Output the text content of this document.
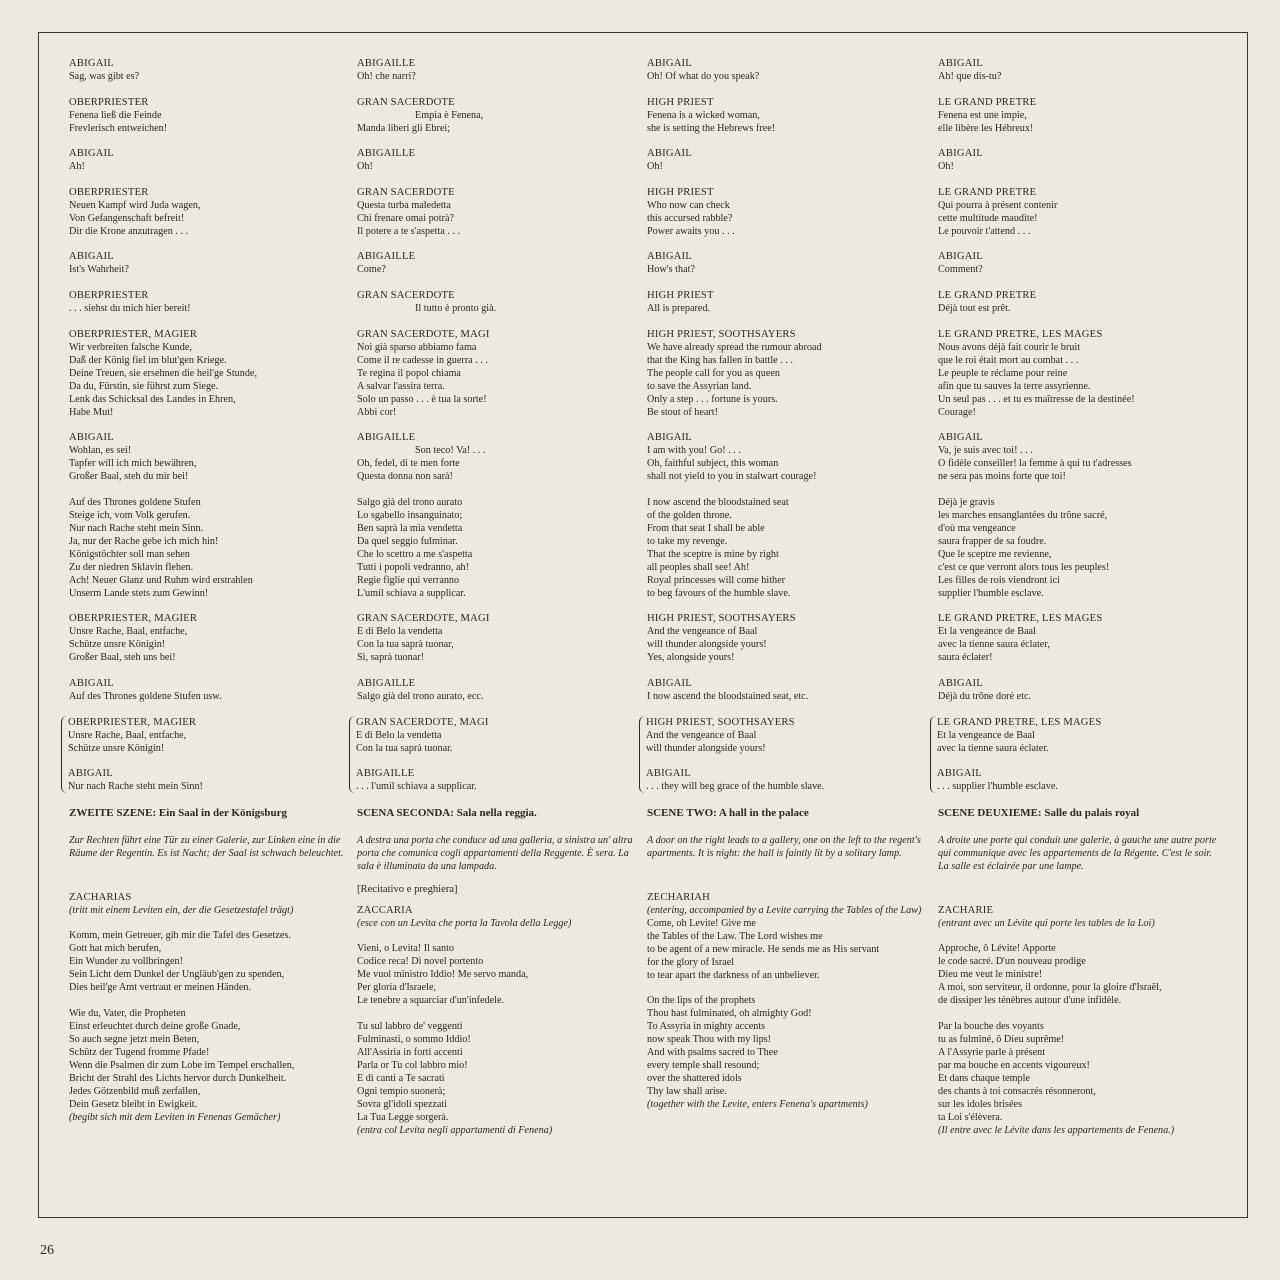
ABIGAIL
Sag, was gibt es?
OBERPRIESTER
Fenena ließ die Feinde
Frevlerisch entweichen!
ABIGAIL
Ah!
OBERPRIESTER
Neuen Kampf wird Juda wagen,
Von Gefangenschaft befreit!
Dir die Krone anzutragen . . .
ABIGAIL
Ist's Wahrheit?
OBERPRIESTER
. . . siehst du mich hier bereit!
OBERPRIESTER, MAGIER
Wir verbreiten falsche Kunde,
Daß der König fiel im blut'gen Kriege.
Deine Treuen, sie ersehnen die heil'ge Stunde,
Da du, Fürstin, sie führst zum Siege.
Lenk das Schicksal des Landes in Ehren,
Habe Mut!
ABIGAIL
Wohlan, es sei!
Tapfer will ich mich bewähren,
Großer Baal, steh du mir bei!
Auf des Thrones goldene Stufen
Steige ich, vom Volk gerufen.
Nur nach Rache steht mein Sinn.
Ja, nur der Rache gebe ich mich hin!
Königstöchter soll man sehen
Zu der niedren Sklavin flehen.
Ach! Neuer Glanz und Ruhm wird erstrahlen
Unserm Lande stets zum Gewinn!
OBERPRIESTER, MAGIER
Unsre Rache, Baal, entfache,
Schütze unsre Königin!
Großer Baal, steh uns bei!
ABIGAIL
Auf des Thrones goldene Stufen usw.
OBERPRIESTER, MAGIER
Unsre Rache, Baal, entfache,
Schütze unsre Königin!
ABIGAIL
Nur nach Rache steht mein Sinn!
ZWEITE SZENE: Ein Saal in der Königsburg
Zur Rechten führt eine Tür zu einer Galerie, zur Linken eine in die Räume der Regentin. Es ist Nacht; der Saal ist schwach beleuchtet.

ZACHARIAS
(tritt mit einem Leviten ein, der die Gesetzestafel trägt)
Komm, mein Getreuer, gib mir die Tafel des Gesetzes.
Gott hat mich berufen,
Ein Wunder zu vollbringen!
Sein Licht dem Dunkel der Ungläub'gen zu spenden,
Dies heil'ge Amt vertraut er meinen Händen.
Wie du, Vater, die Propheten
Einst erleuchtet durch deine große Gnade,
So auch segne jetzt mein Beten,
Schütz der Tugend fromme Pfade!
Wenn die Psalmen dir zum Lobe im Tempel erschallen,
Bricht der Strahl des Lichts hervor durch Dunkelheit.
Jedes Götzenbild muß zerfallen,
Dein Gesetz bleibt in Ewigkeit.
(begibt sich mit dem Leviten in Fenenas Gemächer)
ABIGAILLE
Oh! che narri?
GRAN SACERDOTE
Empia è Fenena,
Manda liberi gli Ebrei;
ABIGAILLE
Oh!
GRAN SACERDOTE
Questa turba maledetta
Chi frenare omai potrà?
Il potere a te s'aspetta . . .
ABIGAILLE
Come?
GRAN SACERDOTE
Il tutto è pronto già.
GRAN SACERDOTE, MAGI
Noi già sparso abbiamo fama
Come il re cadesse in guerra . . .
Te regina il popol chiama
A salvar l'assira terra.
Solo un passo . . . è tua la sorte!
Abbi cor!
ABIGAILLE
Son teco! Va! . . .
Oh, fedel, di te men forte
Questa donna non sarà!
Salgo già del trono aurato
Lo sgabello insanguinato;
Ben saprà la mia vendetta
Da quel seggio fulminar.
Che lo scettro a me s'aspetta
Tutti i popoli vedranno, ah!
Regie figlie qui verranno
L'umil schiava a supplicar.
GRAN SACERDOTE, MAGI
E di Belo la vendetta
Con la tua saprà tuonar,
Sì, saprà tuonar!
ABIGAILLE
Salgo già del trono aurato, ecc.
GRAN SACERDOTE, MAGI
E di Belo la vendetta
Con la tua saprà tuonar.
ABIGAILLE
. . . l'umil schiava a supplicar.
SCENA SECONDA: Sala nella reggia.
A destra una porta che conduce ad una galleria, a sinistra un' altra porta che comunica cogli appartamenti della Reggente. È sera. La sala è illuminata da una lampada.
[Recitativo e preghiera]
ZACCARIA
(esce con un Levita che porta la Tavola della Legge)
Vieni, o Levita! Il santo
Codice reca! Di novel portento
Me vuol ministro Iddio! Me servo manda,
Per gloria d'Israele,
Le tenebre a squarciar d'un'infedele.
Tu sul labbro de' veggenti
Fulminasti, o sommo Iddio!
All'Assiria in forti accenti
Parla or Tu col labbro mio!
E di canti a Te sacrati
Ogni tempio suonerà;
Sovra gl'idoli spezzati
La Tua Legge sorgerà.
(entra col Levita negli appartamenti di Fenena)
ABIGAIL
Oh! Of what do you speak?
HIGH PRIEST
Fenena is a wicked woman,
she is setting the Hebrews free!
ABIGAIL
Oh!
HIGH PRIEST
Who now can check
this accursed rabble?
Power awaits you . . .
ABIGAIL
How's that?
HIGH PRIEST
All is prepared.
HIGH PRIEST, SOOTHSAYERS
We have already spread the rumour abroad
that the King has fallen in battle . . .
The people call for you as queen
to save the Assyrian land.
Only a step . . . fortune is yours.
Be stout of heart!
ABIGAIL
I am with you! Go! . . .
Oh, faithful subject, this woman
shall not yield to you in stalwart courage!
I now ascend the bloodstained seat
of the golden throne.
From that seat I shall be able
to take my revenge.
That the sceptre is mine by right
all peoples shall see! Ah!
Royal princesses will come hither
to beg favours of the humble slave.
HIGH PRIEST, SOOTHSAYERS
And the vengeance of Baal
will thunder alongside yours!
Yes, alongside yours!
ABIGAIL
I now ascend the bloodstained seat, etc.
HIGH PRIEST, SOOTHSAYERS
And the vengeance of Baal
will thunder alongside yours!
ABIGAIL
. . . they will beg grace of the humble slave.
SCENE TWO: A hall in the palace
A door on the right leads to a gallery, one on the left to the regent's apartments. It is night: the hall is faintly lit by a solitary lamp.

ZECHARIAH
(entering, accompanied by a Levite carrying the Tables of the Law)
Come, oh Levite! Give me
the Tables of the Law. The Lord wishes me
to be agent of a new miracle. He sends me as His servant
for the glory of Israel
to tear apart the darkness of an unbeliever.
On the lips of the prophets
Thou hast fulminated, oh almighty God!
To Assyria in mighty accents
now speak Thou with my lips!
And with psalms sacred to Thee
every temple shall resound;
over the shattered idols
Thy law shall arise.
(together with the Levite, enters Fenena's apartments)
ABIGAIL
Ah! que dis-tu?
LE GRAND PRETRE
Fenena est une impie,
elle libère les Hébreux!
ABIGAIL
Oh!
LE GRAND PRETRE
Qui pourra à présent contenir
cette multitude maudite!
Le pouvoir t'attend . . .
ABIGAIL
Comment?
LE GRAND PRETRE
Déjà tout est prêt.
LE GRAND PRETRE, LES MAGES
Nous avons déjà fait courir le bruit
que le roi était mort au combat . . .
Le peuple te réclame pour reine
afin que tu sauves la terre assyrienne.
Un seul pas . . . et tu es maîtresse de la destinée!
Courage!
ABIGAIL
Va, je suis avec toi! . . .
O fidèle conseiller! la femme à qui tu t'adresses
ne sera pas moins forte que toi!
Déjà je gravis
les marches ensanglantées du trône sacré,
d'où ma vengeance
saura frapper de sa foudre.
Que le sceptre me revienne,
c'est ce que verront alors tous les peuples!
Les filles de rois viendront ici
supplier l'humble esclave.
LE GRAND PRETRE, LES MAGES
Et la vengeance de Baal
avec la tienne saura éclater,
saura éclater!
ABIGAIL
Déjà du trône doré etc.
LE GRAND PRETRE, LES MAGES
Et la vengeance de Baal
avec la tienne saura éclater.
ABIGAIL
. . . supplier l'humble esclave.
SCENE DEUXIEME: Salle du palais royal
A droite une porte qui conduit une galerie, à gauche une autre porte qui communique avec les appartements de la Régente. C'est le soir. La salle est éclairée par une lampe.

ZACHARIE
(entrant avec un Lévite qui porte les tables de la Loi)
Approche, ô Lévite! Apporte
le code sacré. D'un nouveau prodige
Dieu me veut le ministre!
A moi, son serviteur, il ordonne, pour la gloire d'Israël,
de dissiper les ténèbres autour d'une infidèle.
Par la bouche des voyants
tu as fulminé, ô Dieu suprême!
A l'Assyrie parle à présent
par ma bouche en accents vigoureux!
Et dans chaque temple
des chants à toi consacrés résonneront,
sur les idoles brisées
ta Loi s'élèvera.
(Il entre avec le Lévite dans les appartements de Fenena.)
26
